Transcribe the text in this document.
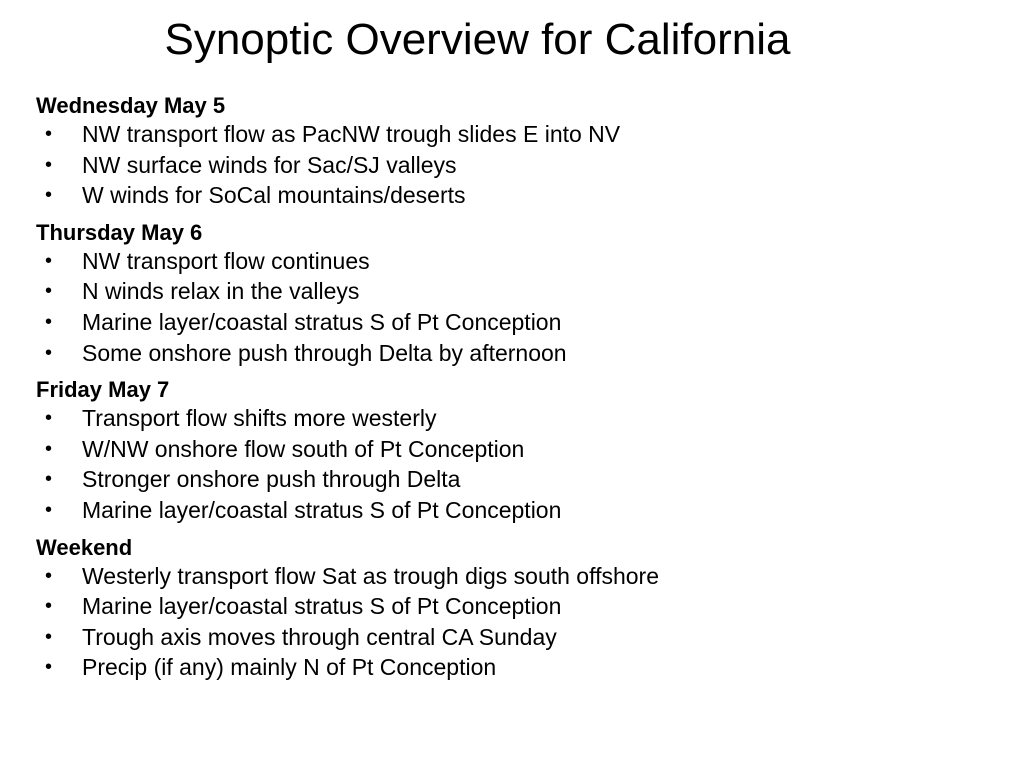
Synoptic Overview for California

Wednesday May 5

• NW transport flow as PacNW trough slides E into NV
• NW surface winds for Sac/SJ valleys
• W winds for SoCal mountains/deserts

Thursday May 6

• NW transport flow continues
• N winds relax in the valleys
• Marine layer/coastal stratus S of Pt Conception
• Some onshore push through Delta by afternoon

Friday May 7

• Transport flow shifts more westerly
• W/NW onshore flow south of Pt Conception
• Stronger onshore push through Delta
• Marine layer/coastal stratus S of Pt Conception

Weekend

• Westerly transport flow Sat as trough digs south offshore
• Marine layer/coastal stratus S of Pt Conception
• Trough axis moves through central CA Sunday
• Precip (if any) mainly N of Pt Conception
